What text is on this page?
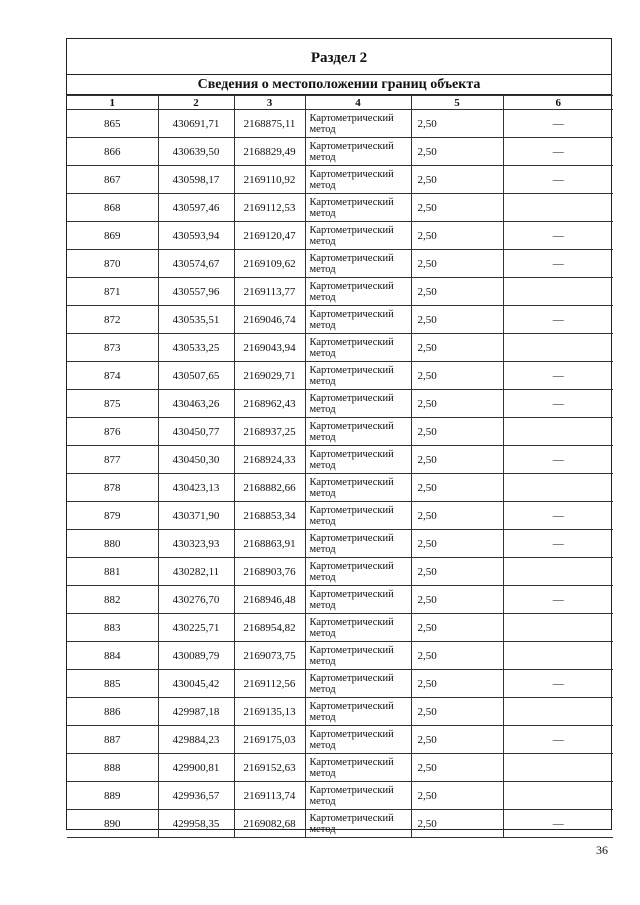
Раздел 2
Сведения о местоположении границ объекта
1	2	3	4	5	6
865	430691,71	2168875,11	Картометрический метод	2,50	—
866	430639,50	2168829,49	Картометрический метод	2,50	—
867	430598,17	2169110,92	Картометрический метод	2,50	—
868	430597,46	2169112,53	Картометрический метод	2,50	
869	430593,94	2169120,47	Картометрический метод	2,50	—
870	430574,67	2169109,62	Картометрический метод	2,50	—
871	430557,96	2169113,77	Картометрический метод	2,50	
872	430535,51	2169046,74	Картометрический метод	2,50	—
873	430533,25	2169043,94	Картометрический метод	2,50	
874	430507,65	2169029,71	Картометрический метод	2,50	—
875	430463,26	2168962,43	Картометрический метод	2,50	—
876	430450,77	2168937,25	Картометрический метод	2,50	
877	430450,30	2168924,33	Картометрический метод	2,50	—
878	430423,13	2168882,66	Картометрический метод	2,50	
879	430371,90	2168853,34	Картометрический метод	2,50	—
880	430323,93	2168863,91	Картометрический метод	2,50	—
881	430282,11	2168903,76	Картометрический метод	2,50	
882	430276,70	2168946,48	Картометрический метод	2,50	—
883	430225,71	2168954,82	Картометрический метод	2,50	
884	430089,79	2169073,75	Картометрический метод	2,50	
885	430045,42	2169112,56	Картометрический метод	2,50	—
886	429987,18	2169135,13	Картометрический метод	2,50	
887	429884,23	2169175,03	Картометрический метод	2,50	—
888	429900,81	2169152,63	Картометрический метод	2,50	
889	429936,57	2169113,74	Картометрический метод	2,50	
890	429958,35	2169082,68	Картометрический метод	2,50	—
36
